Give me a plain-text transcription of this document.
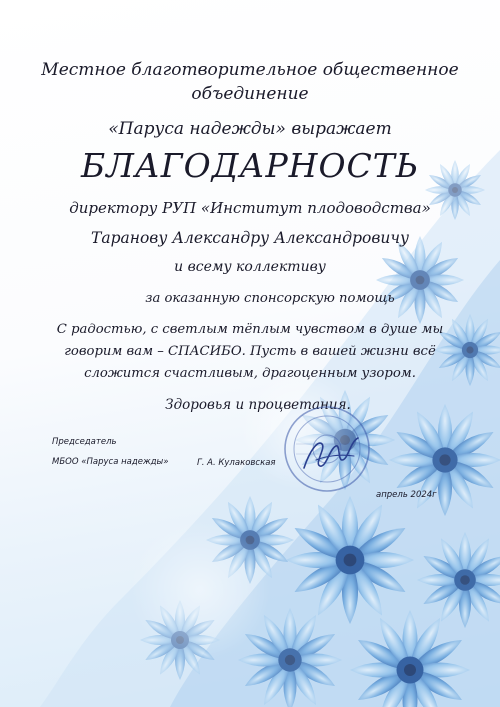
Местное благотворительное общественное
объединение
«Паруса надежды» выражает
БЛАГОДАРНОСТЬ
директору РУП «Институт плодоводства»
Таранову Александру Александровичу
и всему коллективу
за оказанную спонсорскую помощь
С радостью, с светлым тёплым чувством в душе мы
говорим вам – СПАСИБО. Пусть в вашей жизни всё
сложится счастливым, драгоценным узором.
Здоровья и процветания.
Председатель
МБОО «Паруса надежды»	Г. А. Кулаковская
апрель 2024г
